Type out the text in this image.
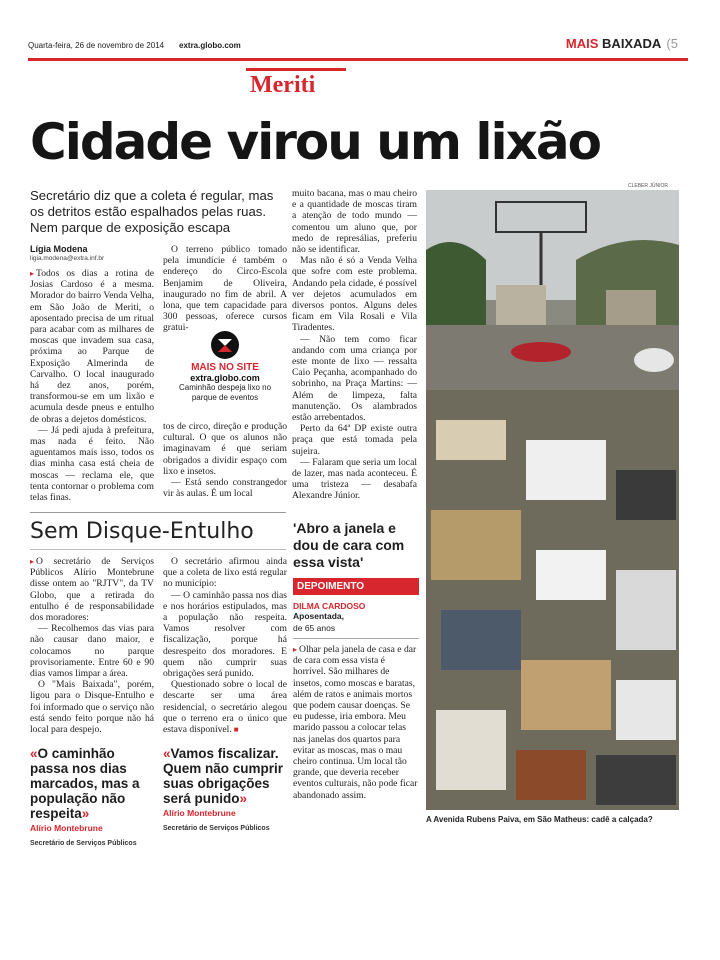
Quarta-feira, 26 de novembro de 2014 extra.globo.com	MAIS BAIXADA (5
Meriti
Cidade virou um lixão
Secretário diz que a coleta é regular, mas os detritos estão espalhados pelas ruas. Nem parque de exposição escapa
Lígia Modena
ligia.modena@extra.inf.br

▸ Todos os dias a rotina de Josias Cardoso é a mesma. Morador do bairro Venda Velha, em São João de Meriti, o aposentado precisa de um ritual para acabar com as milhares de moscas que invadem sua casa, próxima ao Parque de Exposição Almerinda de Carvalho. O local inaugurado há dez anos, porém, transformou-se em um lixão e acumula desde pneus e entulho de obras a dejetos domésticos.

— Já pedi ajuda à prefeitura, mas nada é feito. Não aguentamos mais isso, todos os dias minha casa está cheia de moscas — reclama ele, que tenta contornar o problema com telas finas.

O terreno público tomado pela imundície é também o endereço do Circo-Escola Benjamim de Oliveira, inaugurado no fim de abril. A lona, que tem capacidade para 300 pessoas, oferece cursos gratui-

MAIS NO SITE
extra.globo.com
Caminhão despeja lixo no parque de eventos

tos de circo, direção e produção cultural. O que os alunos não imaginavam é que seriam obrigados a dividir espaço com lixo e insetos.

— Está sendo constrangedor vir às aulas. É um local

muito bacana, mas o mau cheiro e a quantidade de moscas tiram a atenção de todo mundo — comentou um aluno que, por medo de represálias, preferiu não se identificar.

Mas não é só a Venda Velha que sofre com este problema. Andando pela cidade, é possível ver dejetos acumulados em diversos pontos. Alguns deles ficam em Vila Rosali e Vila Tiradentes.

— Não tem como ficar andando com uma criança por este monte de lixo — ressalta Caio Peçanha, acompanhado do sobrinho, na Praça Martins: — Além de limpeza, falta manutenção. Os alambrados estão arrebentados.

Perto da 64ª DP existe outra praça que está tomada pela sujeira.

— Falaram que seria um local de lazer, mas nada aconteceu. É uma tristeza — desabafa Alexandre Júnior.

CLEBER JÚNIOR
A Avenida Rubens Paiva, em São Matheus: cadê a calçada?
Sem Disque-Entulho

▸ O secretário de Serviços Públicos Alírio Montebrune disse ontem ao "RJTV", da TV Globo, que a retirada do entulho é de responsabilidade dos moradores:

— Recolhemos das vias para não causar dano maior, e colocamos no parque provisoriamente. Entre 60 e 90 dias vamos limpar a área.

O "Mais Baixada", porém, ligou para o Disque-Entulho e foi informado que o serviço não está sendo feito porque não há local para despejo.

O secretário afirmou ainda que a coleta de lixo está regular no município:

— O caminhão passa nos dias e nos horários estipulados, mas a população não respeita. Vamos resolver com fiscalização, porque há desrespeito dos moradores. E quem não cumprir suas obrigações será punido.

Questionado sobre o local de descarte ser uma área residencial, o secretário alegou que o terreno era o único que estava disponível. ■

«O caminhão passa nos dias marcados, mas a população não respeita»
Alírio Montebrune
Secretário de Serviços Públicos
«Vamos fiscalizar. Quem não cumprir suas obrigações será punido»
Alírio Montebrune
Secretário de Serviços Públicos
'Abro a janela e dou de cara com essa vista'
DEPOIMENTO
DILMA CARDOSO
Aposentada,
de 65 anos

▸ Olhar pela janela de casa e dar de cara com essa vista é horrível. São milhares de insetos, como moscas e baratas, além de ratos e animais mortos que podem causar doenças. Se eu pudesse, iria embora. Meu marido passou a colocar telas nas janelas dos quartos para evitar as moscas, mas o mau cheiro continua. Um local tão grande, que deveria receber eventos culturais, não pode ficar abandonado assim.
